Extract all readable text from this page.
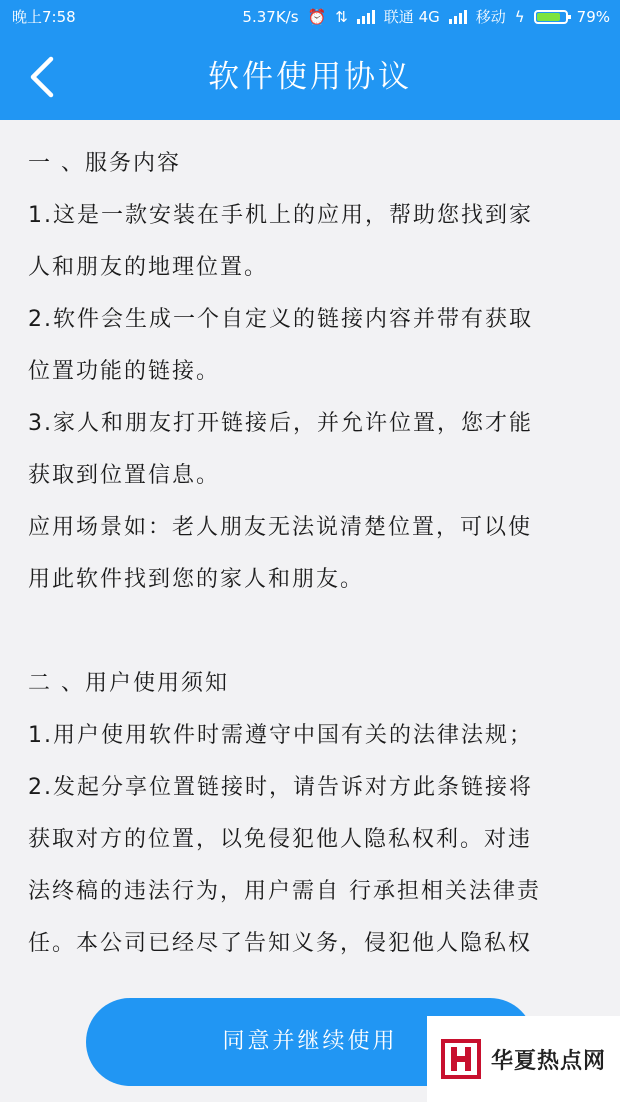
晚上7:58	5.37K/s ⏰ ⇅ 联通 4G 移动 ϟ	79%
软件使用协议
一 、服务内容
1.这是一款安装在手机上的应用，帮助您找到家
人和朋友的地理位置。
2.软件会生成一个自定义的链接内容并带有获取
位置功能的链接。
3.家人和朋友打开链接后，并允许位置，您才能
获取到位置信息。
应用场景如：老人朋友无法说清楚位置，可以使
用此软件找到您的家人和朋友。
二 、用户使用须知
1.用户使用软件时需遵守中国有关的法律法规；
2.发起分享位置链接时，请告诉对方此条链接将
获取对方的位置，以免侵犯他人隐私权利。对违
法终稿的违法行为，用户需自 行承担相关法律责
任。本公司已经尽了告知义务，侵犯他人隐私权
同意并继续使用
华夏热点网
